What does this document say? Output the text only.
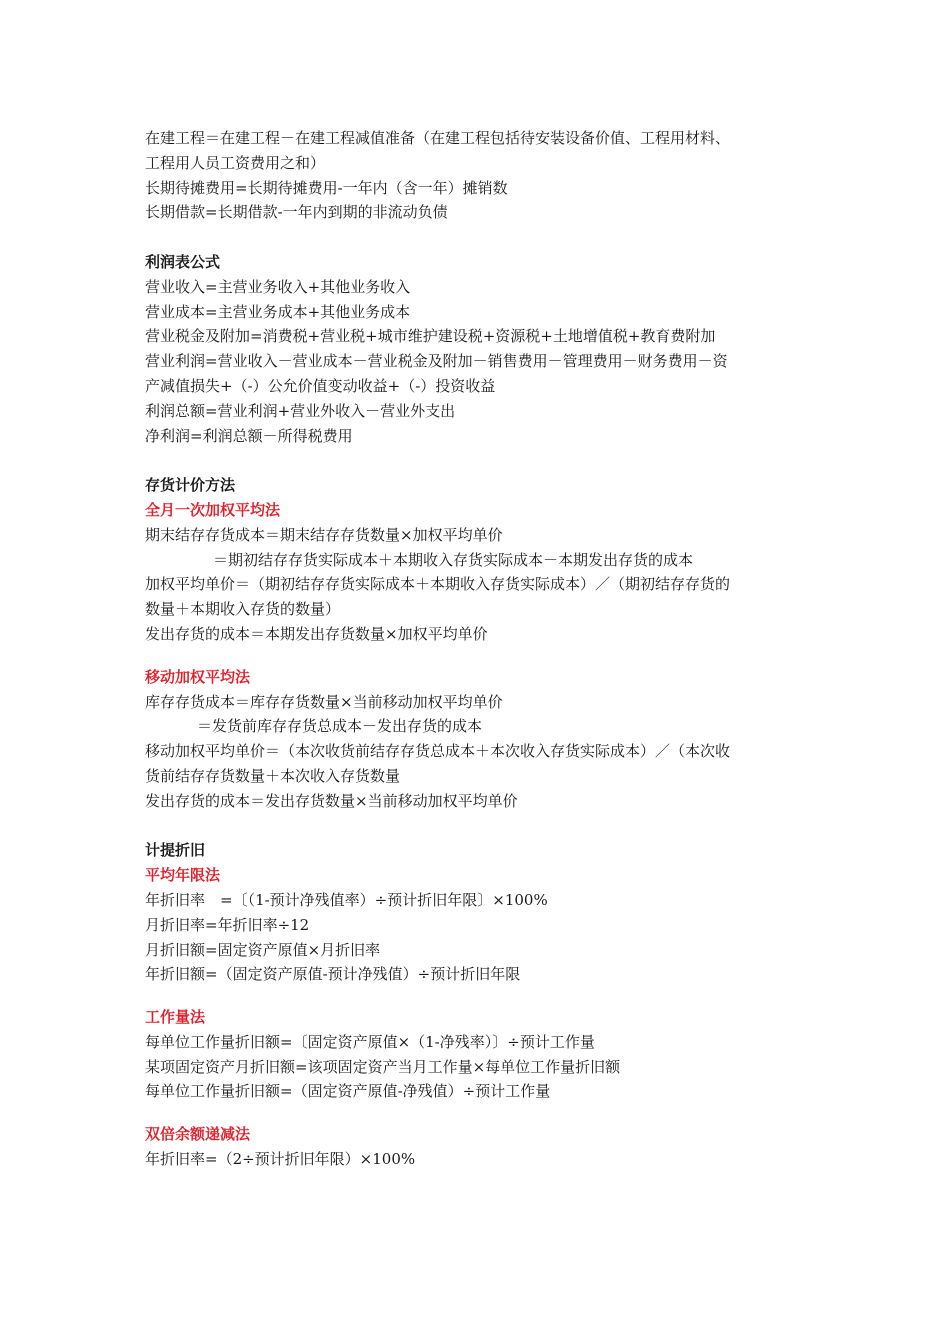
在建工程＝在建工程－在建工程减值准备（在建工程包括待安装设备价值、工程用材料、
工程用人员工资费用之和）
长期待摊费用=长期待摊费用-一年内（含一年）摊销数
长期借款=长期借款-一年内到期的非流动负债
利润表公式
营业收入=主营业务收入+其他业务收入
营业成本=主营业务成本+其他业务成本
营业税金及附加=消费税+营业税+城市维护建设税+资源税+土地增值税+教育费附加
营业利润=营业收入－营业成本－营业税金及附加－销售费用－管理费用－财务费用－资
产减值损失+（-）公允价值变动收益+（-）投资收益
利润总额=营业利润+营业外收入－营业外支出
净利润=利润总额－所得税费用
存货计价方法
全月一次加权平均法
期末结存存货成本＝期末结存存货数量×加权平均单价
＝期初结存存货实际成本＋本期收入存货实际成本－本期发出存货的成本
加权平均单价＝（期初结存存货实际成本＋本期收入存货实际成本）／（期初结存存货的
数量＋本期收入存货的数量）
发出存货的成本＝本期发出存货数量×加权平均单价
移动加权平均法
库存存货成本＝库存存货数量×当前移动加权平均单价
＝发货前库存存货总成本－发出存货的成本
移动加权平均单价＝（本次收货前结存存货总成本＋本次收入存货实际成本）／（本次收
货前结存存货数量＋本次收入存货数量
发出存货的成本＝发出存货数量×当前移动加权平均单价
计提折旧
平均年限法
年折旧率　=〔（1-预计净残值率）÷预计折旧年限〕×100%
月折旧率=年折旧率÷12
月折旧额=固定资产原值×月折旧率
年折旧额=（固定资产原值-预计净残值）÷预计折旧年限
工作量法
每单位工作量折旧额=〔固定资产原值×（1-净残率）〕÷预计工作量
某项固定资产月折旧额=该项固定资产当月工作量×每单位工作量折旧额
每单位工作量折旧额=（固定资产原值-净残值）÷预计工作量
双倍余额递减法
年折旧率=（2÷预计折旧年限）×100%
